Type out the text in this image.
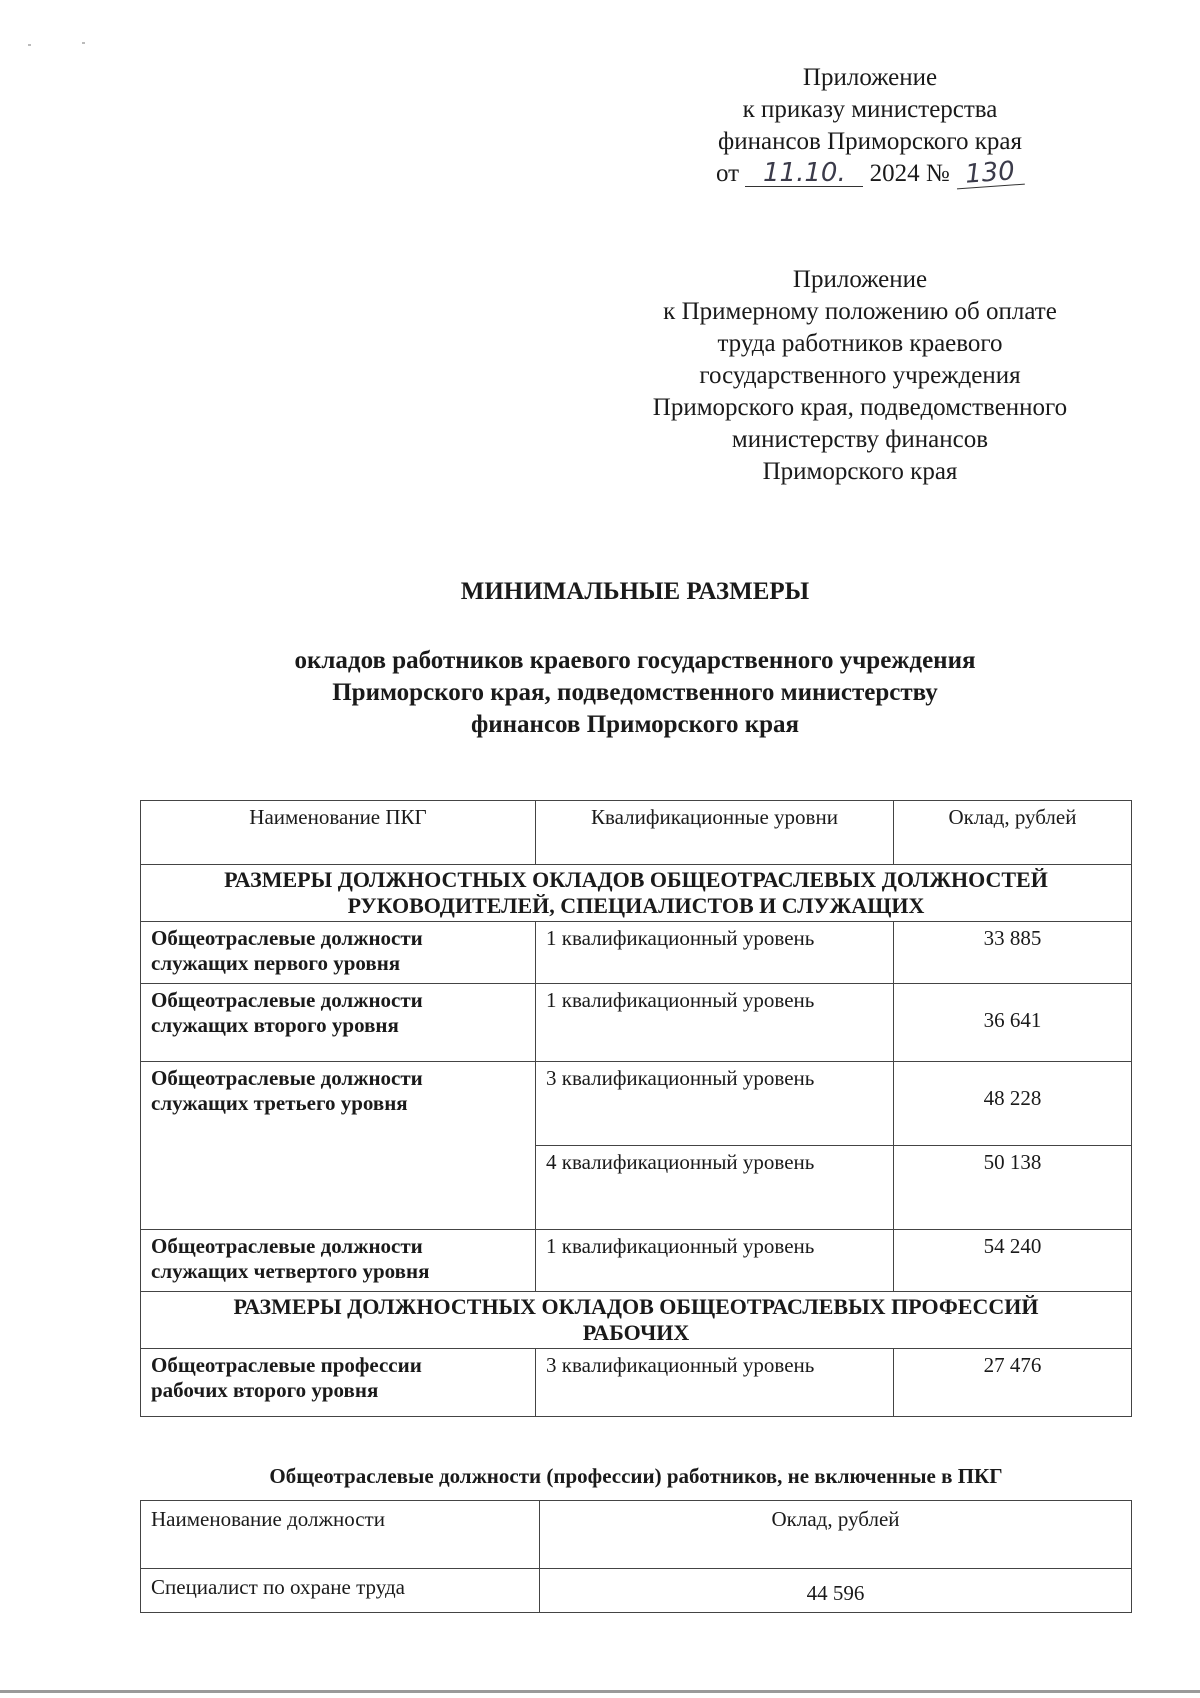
Приложение
к приказу министерства
финансов Приморского края
от 11.10. 2024 № 130
Приложение
к Примерному положению об оплате
труда работников краевого
государственного учреждения
Приморского края, подведомственного
министерству финансов
Приморского края
МИНИМАЛЬНЫЕ РАЗМЕРЫ
окладов работников краевого государственного учреждения
Приморского края, подведомственного министерству
финансов Приморского края
Наименование ПКГ	Квалификационные уровни	Оклад, рублей

РАЗМЕРЫ ДОЛЖНОСТНЫХ ОКЛАДОВ ОБЩЕОТРАСЛЕВЫХ ДОЛЖНОСТЕЙ
РУКОВОДИТЕЛЕЙ, СПЕЦИАЛИСТОВ И СЛУЖАЩИХ		

Общеотраслевые должности
служащих первого уровня	1 квалификационный уровень	33 885

Общеотраслевые должности
служащих второго уровня	1 квалификационный уровень	36 641

Общеотраслевые должности
служащих третьего уровня	3 квалификационный уровень	48 228
	4 квалификационный уровень	50 138

Общеотраслевые должности
служащих четвертого уровня	1 квалификационный уровень	54 240

РАЗМЕРЫ ДОЛЖНОСТНЫХ ОКЛАДОВ ОБЩЕОТРАСЛЕВЫХ ПРОФЕССИЙ
РАБОЧИХ		

Общеотраслевые профессии
рабочих второго уровня	3 квалификационный уровень	27 476
Общеотраслевые должности (профессии) работников, не включенные в ПКГ
Наименование должности	Оклад, рублей
Специалист по охране труда	44 596
